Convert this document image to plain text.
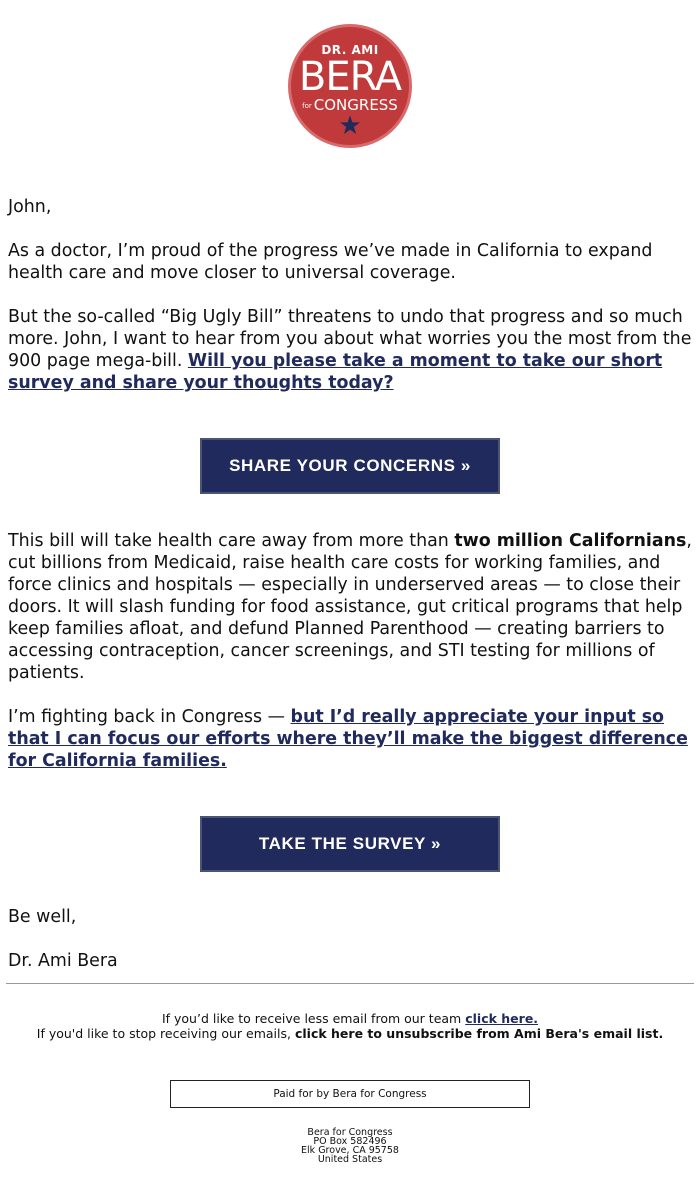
DR. AMI
BERA
for CONGRESS
★

John,

As a doctor, I’m proud of the progress we’ve made in California to expand health care and move closer to universal coverage.

But the so-called “Big Ugly Bill” threatens to undo that progress and so much more. John, I want to hear from you about what worries you the most from the 900 page mega-bill. Will you please take a moment to take our short survey and share your thoughts today?

SHARE YOUR CONCERNS »

This bill will take health care away from more than two million Californians, cut billions from Medicaid, raise health care costs for working families, and force clinics and hospitals — especially in underserved areas — to close their doors. It will slash funding for food assistance, gut critical programs that help keep families afloat, and defund Planned Parenthood — creating barriers to accessing contraception, cancer screenings, and STI testing for millions of patients.

I’m fighting back in Congress — but I’d really appreciate your input so that I can focus our efforts where they’ll make the biggest difference for California families.

TAKE THE SURVEY »

Be well,

Dr. Ami Bera

If you’d like to receive less email from our team click here.
If you'd like to stop receiving our emails, click here to unsubscribe from Ami Bera's email list.
Paid for by Bera for Congress
Bera for Congress
PO Box 582496
Elk Grove, CA 95758
United States
